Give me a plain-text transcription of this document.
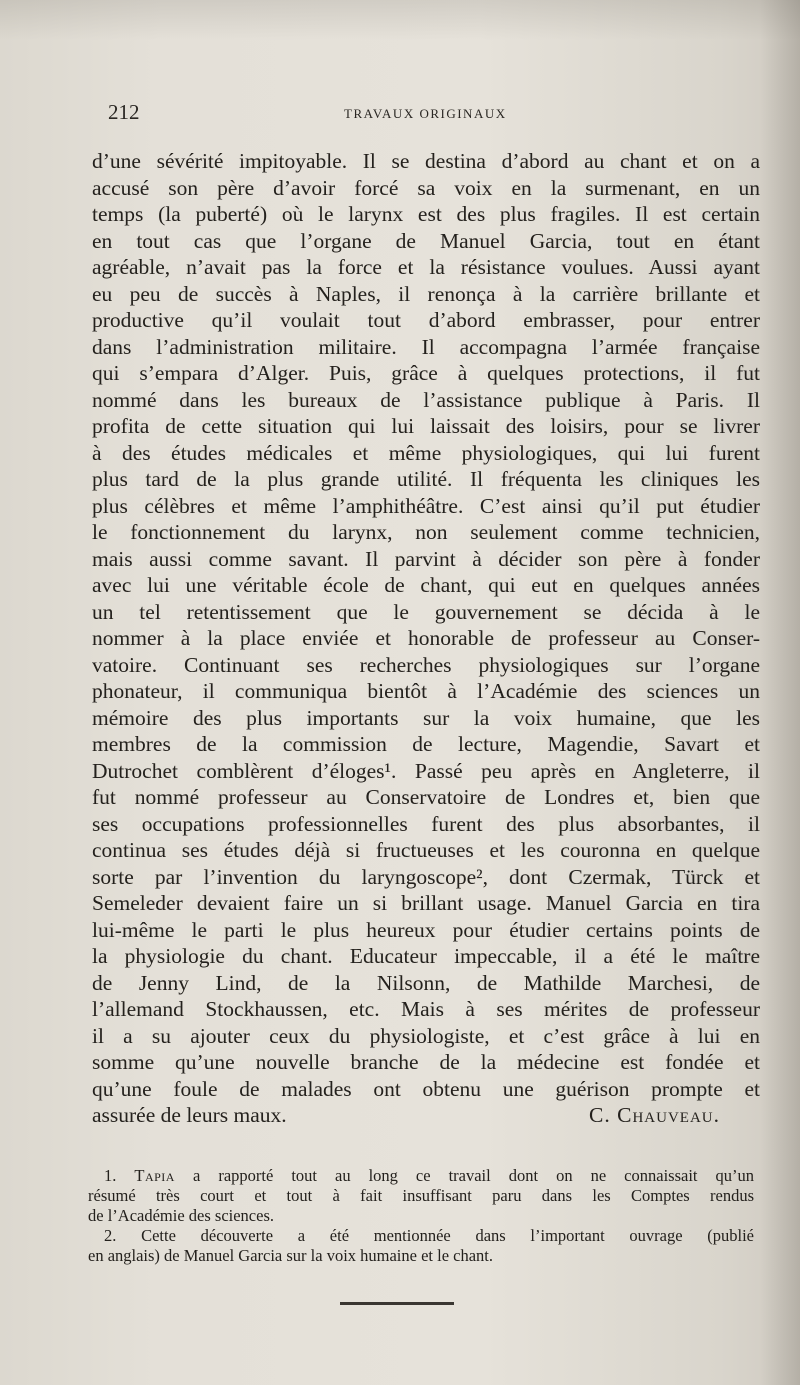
212	TRAVAUX ORIGINAUX
d’une sévérité impitoyable. Il se destina d’abord au chant et on a
accusé son père d’avoir forcé sa voix en la surmenant, en un
temps (la puberté) où le larynx est des plus fragiles. Il est certain
en tout cas que l’organe de Manuel Garcia, tout en étant
agréable, n’avait pas la force et la résistance voulues. Aussi ayant
eu peu de succès à Naples, il renonça à la carrière brillante et
productive qu’il voulait tout d’abord embrasser, pour entrer
dans l’administration militaire. Il accompagna l’armée française
qui s’empara d’Alger. Puis, grâce à quelques protections, il fut
nommé dans les bureaux de l’assistance publique à Paris. Il
profita de cette situation qui lui laissait des loisirs, pour se livrer
à des études médicales et même physiologiques, qui lui furent
plus tard de la plus grande utilité. Il fréquenta les cliniques les
plus célèbres et même l’amphithéâtre. C’est ainsi qu’il put étudier
le fonctionnement du larynx, non seulement comme technicien,
mais aussi comme savant. Il parvint à décider son père à fonder
avec lui une véritable école de chant, qui eut en quelques années
un tel retentissement que le gouvernement se décida à le
nommer à la place enviée et honorable de professeur au Conser-
vatoire. Continuant ses recherches physiologiques sur l’organe
phonateur, il communiqua bientôt à l’Académie des sciences un
mémoire des plus importants sur la voix humaine, que les
membres de la commission de lecture, Magendie, Savart et
Dutrochet comblèrent d’éloges¹. Passé peu après en Angleterre, il
fut nommé professeur au Conservatoire de Londres et, bien que
ses occupations professionnelles furent des plus absorbantes, il
continua ses études déjà si fructueuses et les couronna en quelque
sorte par l’invention du laryngoscope², dont Czermak, Türck et
Semeleder devaient faire un si brillant usage. Manuel Garcia en tira
lui-même le parti le plus heureux pour étudier certains points de
la physiologie du chant. Educateur impeccable, il a été le maître
de Jenny Lind, de la Nilsonn, de Mathilde Marchesi, de
l’allemand Stockhaussen, etc. Mais à ses mérites de professeur
il a su ajouter ceux du physiologiste, et c’est grâce à lui en
somme qu’une nouvelle branche de la médecine est fondée et
qu’une foule de malades ont obtenu une guérison prompte et
assurée de leurs maux.	C. Chauveau.
1. Tapia a rapporté tout au long ce travail dont on ne connaissait qu’un
résumé très court et tout à fait insuffisant paru dans les Comptes rendus
de l’Académie des sciences.
2. Cette découverte a été mentionnée dans l’important ouvrage (publié
en anglais) de Manuel Garcia sur la voix humaine et le chant.
